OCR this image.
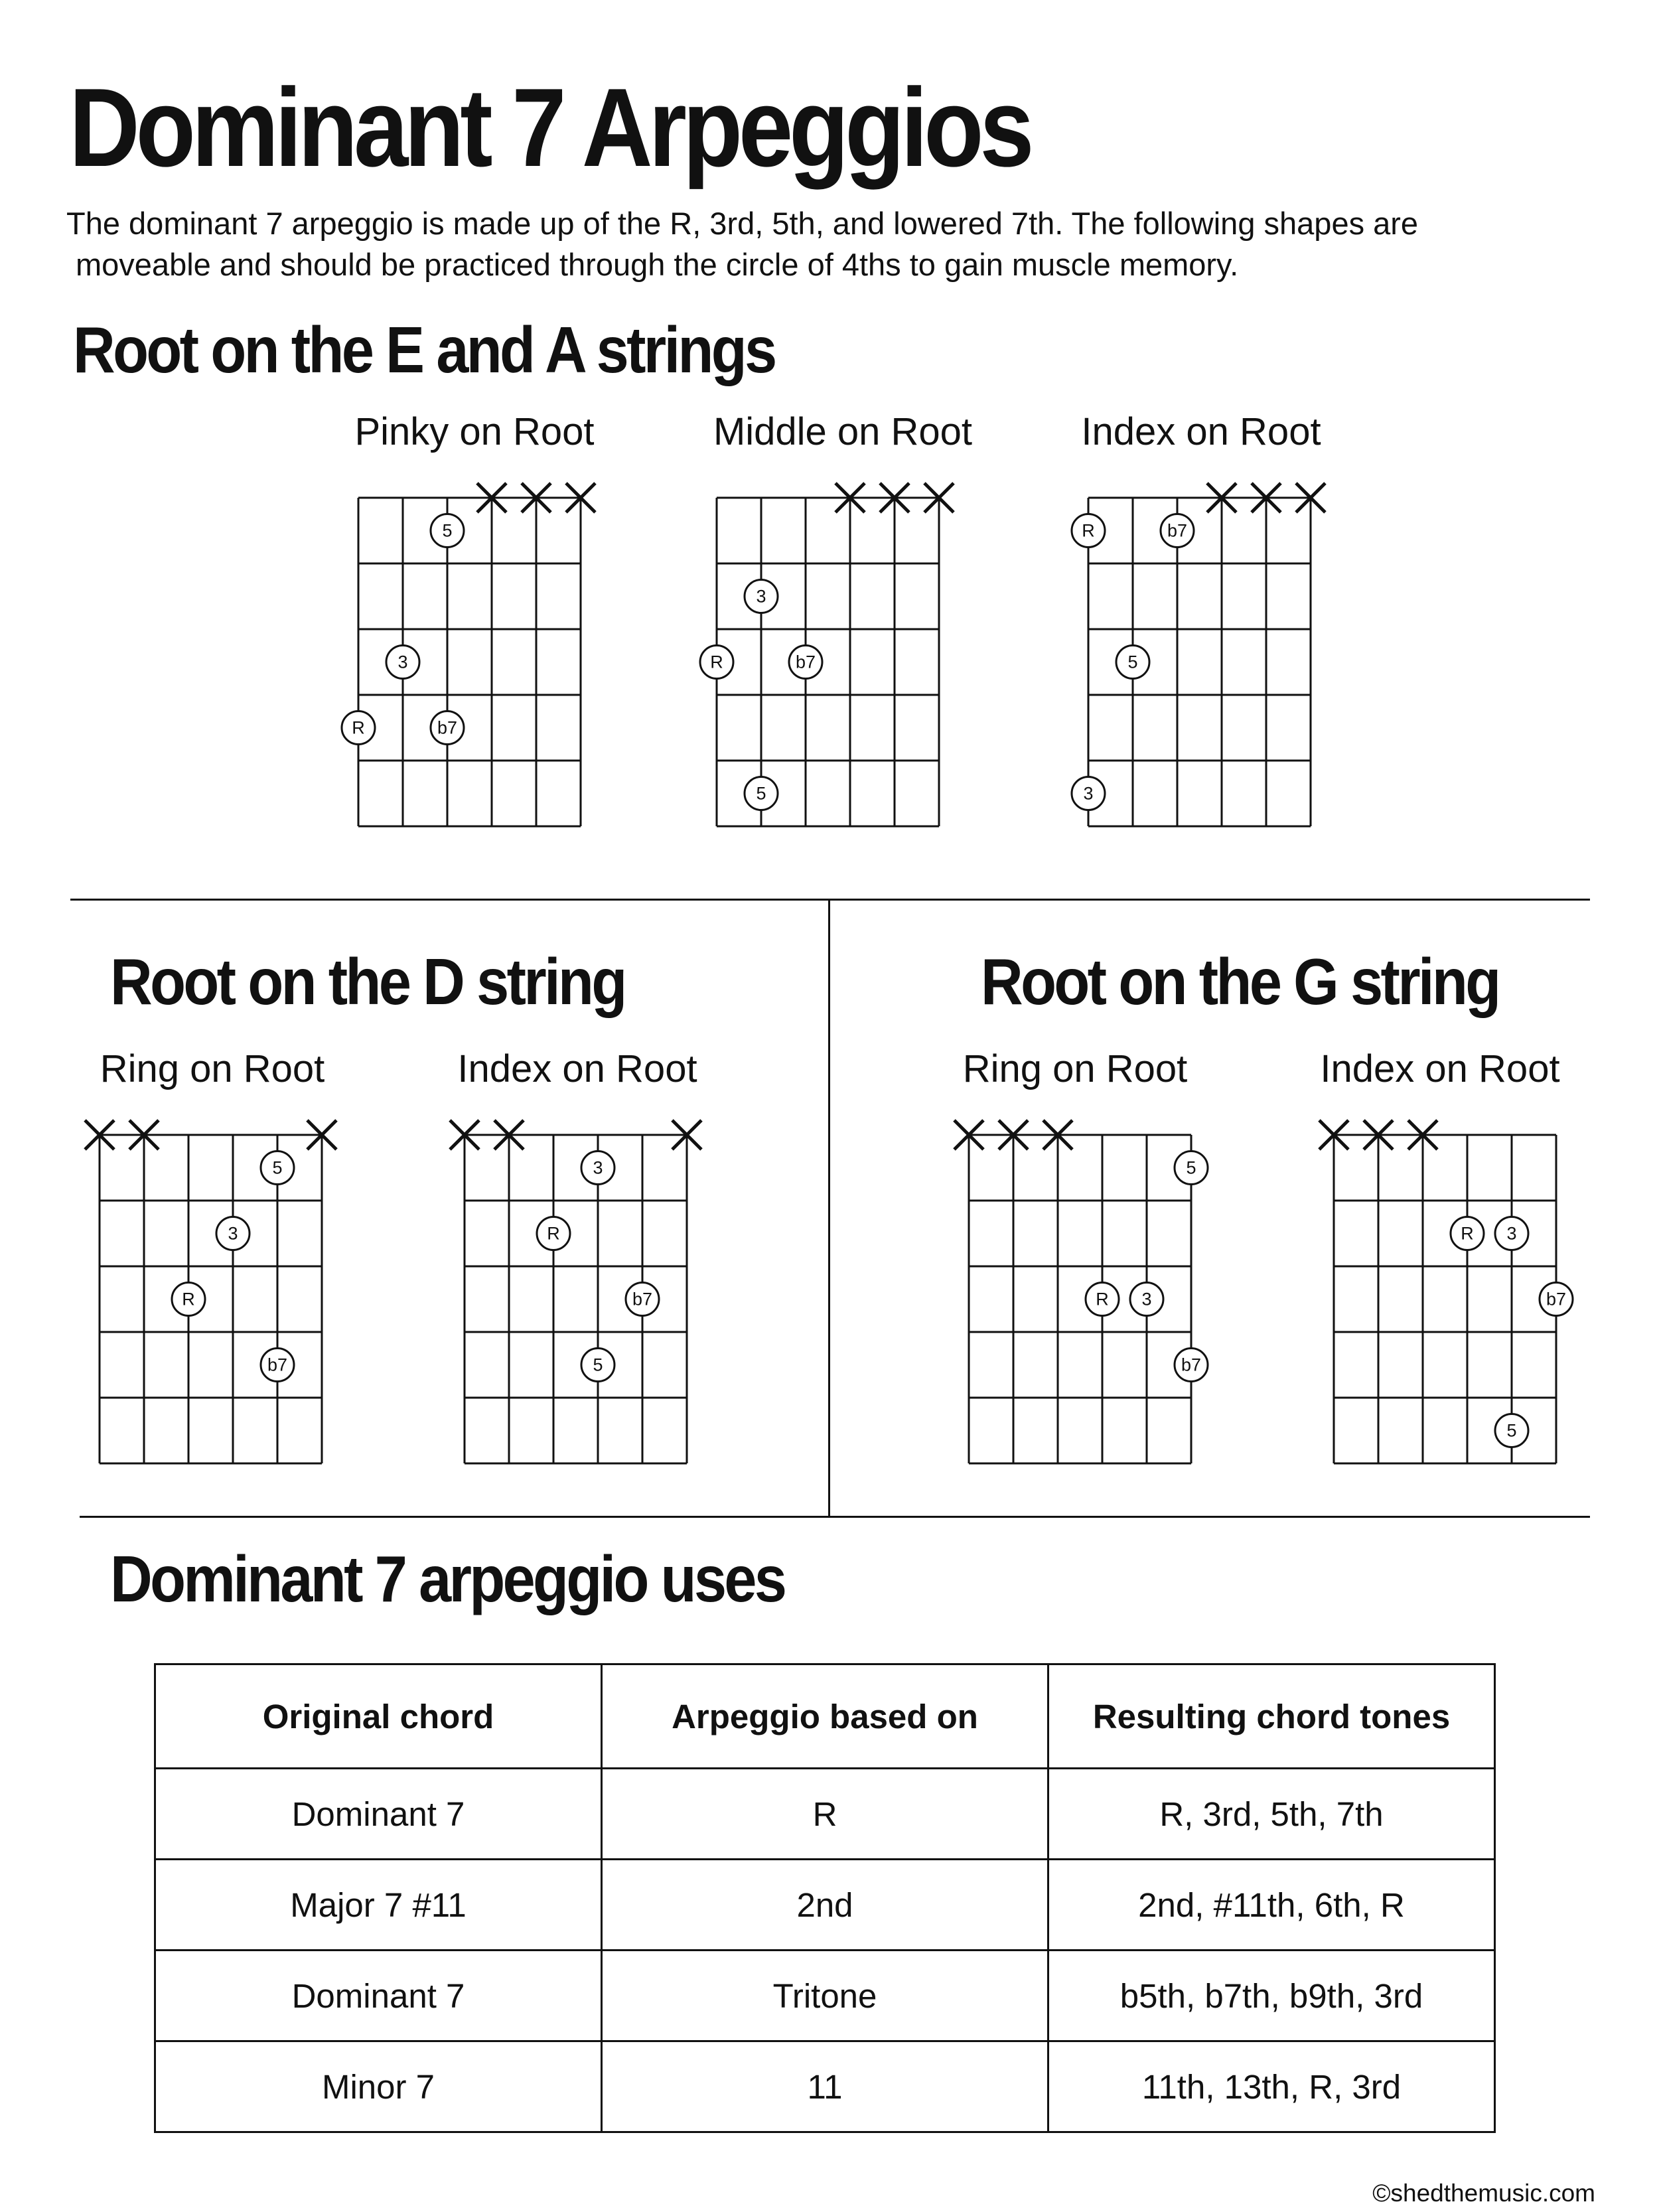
Dominant 7 Arpeggios

The dominant 7 arpeggio is made up of the R, 3rd, 5th, and lowered 7th. The following shapes are
moveable and should be practiced through the circle of 4ths to gain muscle memory.

Root on the E and A strings
Root on the D string	Root on the G string
Dominant 7 arpeggio uses
Pinky on Root	Middle on Root	Index on Root
Ring on Root	Index on Root	Ring on Root	Index on Root
5
3
R	b7
3
R	b7
5
R	b7
5
3
5
3
R
b7
3
R
b7
5
5
R 3
b7
R 3
b7
5
Original chord	Arpeggio based on	Resulting chord tones
Dominant 7	R	R, 3rd, 5th, 7th
Major 7 #11	2nd	2nd, #11th, 6th, R
Dominant 7	Tritone	b5th, b7th, b9th, 3rd
Minor 7	11	11th, 13th, R, 3rd

©shedthemusic.com
